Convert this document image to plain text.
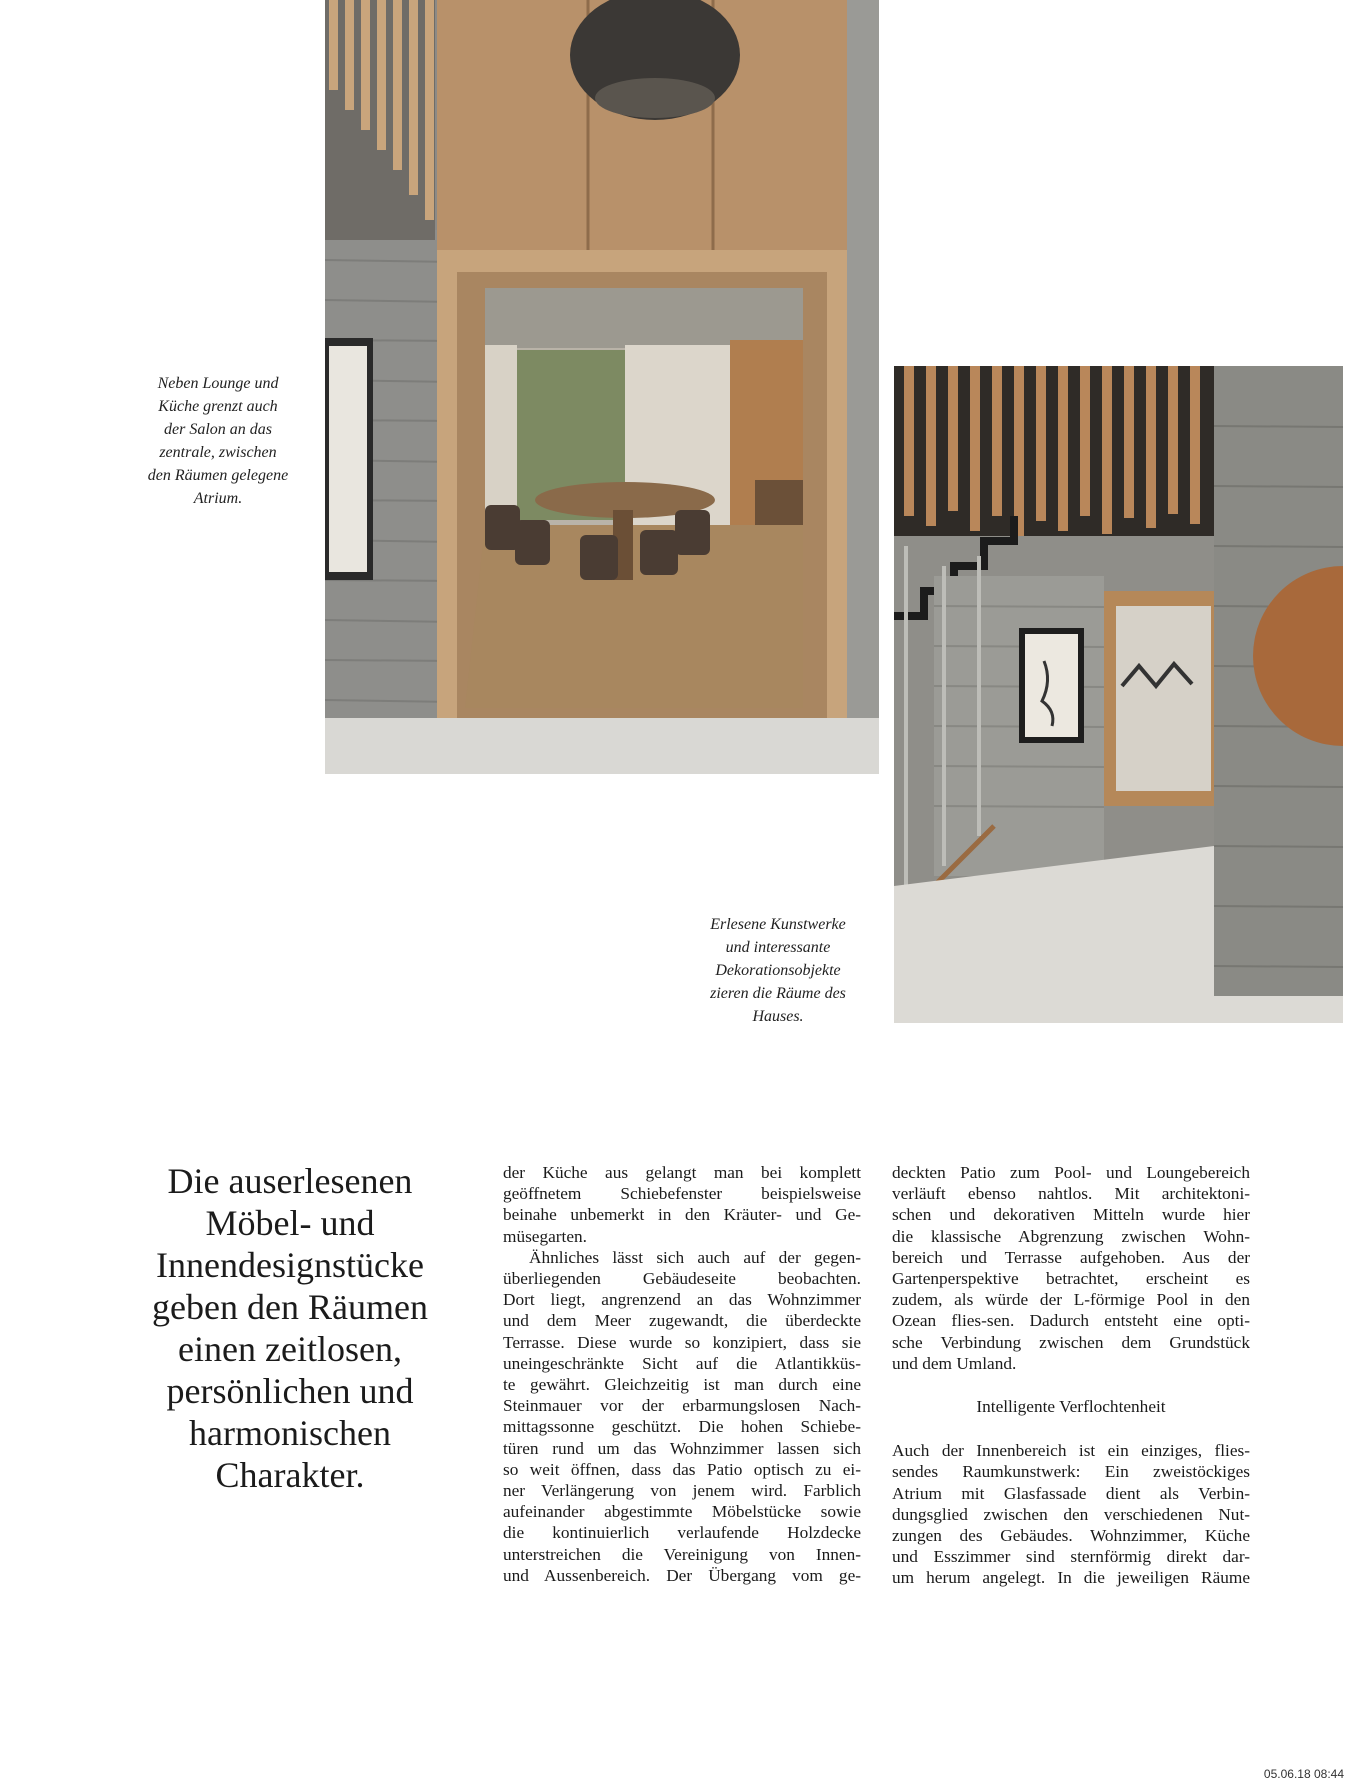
Neben Lounge und
Küche grenzt auch
der Salon an das
zentrale, zwischen
den Räumen gelegene
Atrium.
Erlesene Kunstwerke
und interessante
Dekorationsobjekte
zieren die Räume des
Hauses.
Die auserlesenen
Möbel- und
Innendesignstücke
geben den Räumen
einen zeitlosen,
persönlichen und
harmonischen
Charakter.
der Küche aus gelangt man bei komplett
geöffnetem Schiebefenster beispielsweise
beinahe unbemerkt in den Kräuter- und Ge-
müsegarten.
Ähnliches lässt sich auch auf der gegen-
überliegenden Gebäudeseite beobachten.
Dort liegt, angrenzend an das Wohnzimmer
und dem Meer zugewandt, die überdeckte
Terrasse. Diese wurde so konzipiert, dass sie
uneingeschränkte Sicht auf die Atlantikküs-
te gewährt. Gleichzeitig ist man durch eine
Steinmauer vor der erbarmungslosen Nach-
mittagssonne geschützt. Die hohen Schiebe-
türen rund um das Wohnzimmer lassen sich
so weit öffnen, dass das Patio optisch zu ei-
ner Verlängerung von jenem wird. Farblich
aufeinander abgestimmte Möbelstücke sowie
die kontinuierlich verlaufende Holzdecke
unterstreichen die Vereinigung von Innen-
und Aussenbereich. Der Übergang vom ge-
deckten Patio zum Pool- und Loungebereich
verläuft ebenso nahtlos. Mit architektoni-
schen und dekorativen Mitteln wurde hier
die klassische Abgrenzung zwischen Wohn-
bereich und Terrasse aufgehoben. Aus der
Gartenperspektive betrachtet, erscheint es
zudem, als würde der L-förmige Pool in den
Ozean flies-sen. Dadurch entsteht eine opti-
sche Verbindung zwischen dem Grundstück
und dem Umland.
Intelligente Verflochtenheit
Auch der Innenbereich ist ein einziges, flies-
sendes Raumkunstwerk: Ein zweistöckiges
Atrium mit Glasfassade dient als Verbin-
dungsglied zwischen den verschiedenen Nut-
zungen des Gebäudes. Wohnzimmer, Küche
und Esszimmer sind sternförmig direkt dar-
um herum angelegt. In die jeweiligen Räume
05.06.18 08:44
